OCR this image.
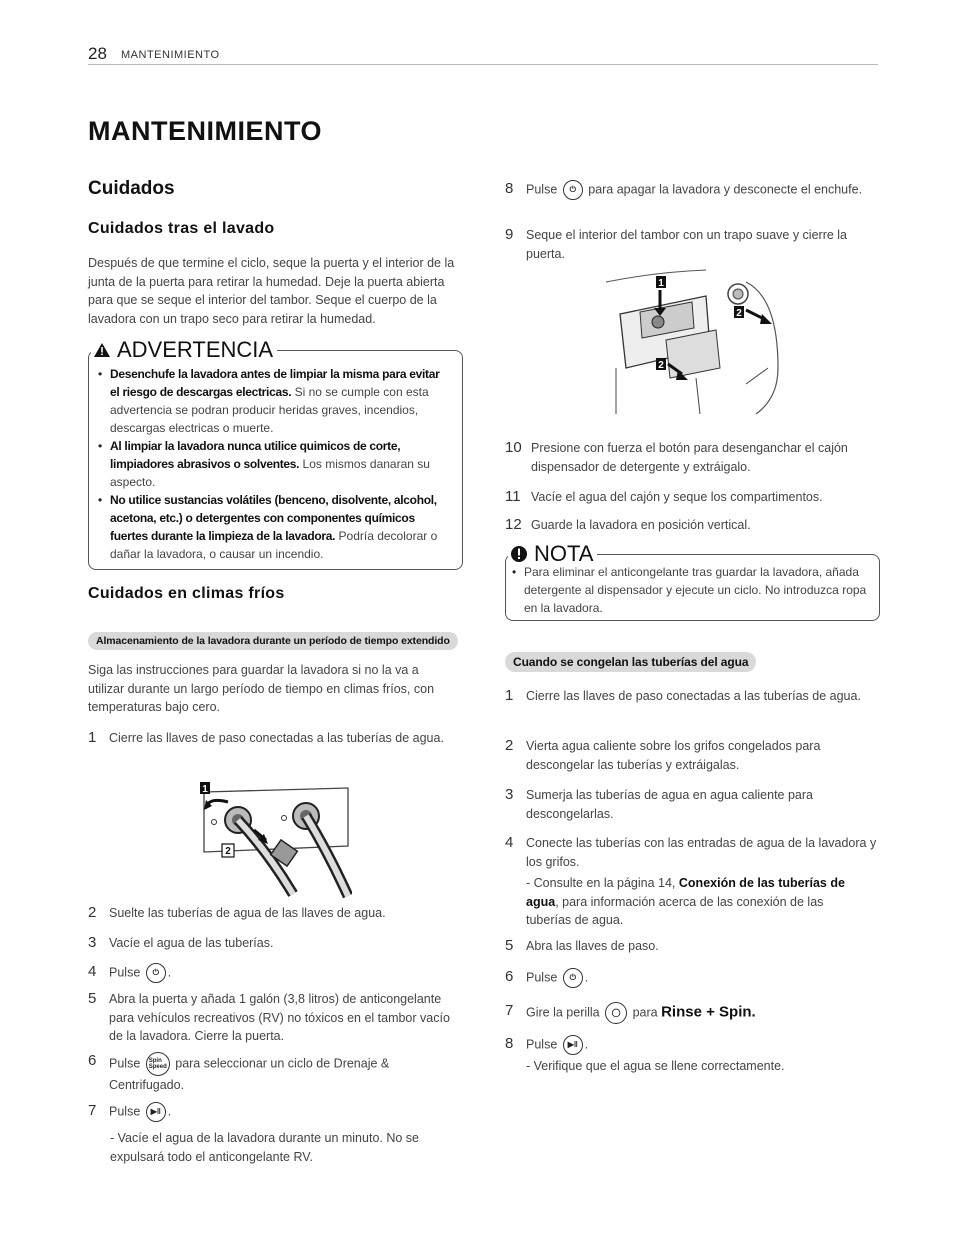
28 MANTENIMIENTO
MANTENIMIENTO
Cuidados
Cuidados tras el lavado
Después de que termine el ciclo, seque la puerta y el interior de la junta de la puerta para retirar la humedad. Deje la puerta abierta para que se seque el interior del tambor. Seque el cuerpo de la lavadora con un trapo seco para retirar la humedad.
ADVERTENCIA
• Desenchufe la lavadora antes de limpiar la misma para evitar el riesgo de descargas electricas. Si no se cumple con esta advertencia se podran producir heridas graves, incendios, descargas electricas o muerte.
• Al limpiar la lavadora nunca utilice quimicos de corte, limpiadores abrasivos o solventes. Los mismos danaran su aspecto.
• No utilice sustancias volátiles (benceno, disolvente, alcohol, acetona, etc.) o detergentes con componentes químicos fuertes durante la limpieza de la lavadora. Podría decolorar o dañar la lavadora, o causar un incendio.
Cuidados en climas fríos
Almacenamiento de la lavadora durante un período de tiempo extendido
Siga las instrucciones para guardar la lavadora si no la va a utilizar durante un largo período de tiempo en climas fríos, con temperaturas bajo cero.
1	Cierre las llaves de paso conectadas a las tuberías de agua.
1
2
2	Suelte las tuberías de agua de las llaves de agua.
3	Vacíe el agua de las tuberías.
4	Pulse ⏻ .
5	Abra la puerta y añada 1 galón (3,8 litros) de anticongelante para vehículos recreativos (RV) no tóxicos en el tambor vacío de la lavadora. Cierre la puerta.
6	Pulse Spin
Speed para seleccionar un ciclo de Drenaje & Centrifugado.
7	Pulse ▶‖ .
- Vacíe el agua de la lavadora durante un minuto. No se expulsará todo el anticongelante RV.
8	Pulse ⏻ para apagar la lavadora y desconecte el enchufe.
9	Seque el interior del tambor con un trapo suave y cierre la puerta.
1
2
2
10 Presione con fuerza el botón para desenganchar el cajón dispensador de detergente y extráigalo.
11 Vacíe el agua del cajón y seque los compartimentos.
12 Guarde la lavadora en posición vertical.
NOTA
• Para eliminar el anticongelante tras guardar la lavadora, añada detergente al dispensador y ejecute un ciclo. No introduzca ropa en la lavadora.
Cuando se congelan las tuberías del agua
1	Cierre las llaves de paso conectadas a las tuberías de agua.
2	Vierta agua caliente sobre los grifos congelados para descongelar las tuberías y extráigalas.
3	Sumerja las tuberías de agua en agua caliente para descongelarlas.
4	Conecte las tuberías con las entradas de agua de la lavadora y los grifos.
- Consulte en la página 14, Conexión de las tuberías de agua, para información acerca de las conexión de las tuberías de agua.
5	Abra las llaves de paso.
6	Pulse ⏻ .
7	Gire la perilla ◯ para Rinse + Spin.
8	Pulse ▶‖ .
- Verifique que el agua se llene correctamente.
